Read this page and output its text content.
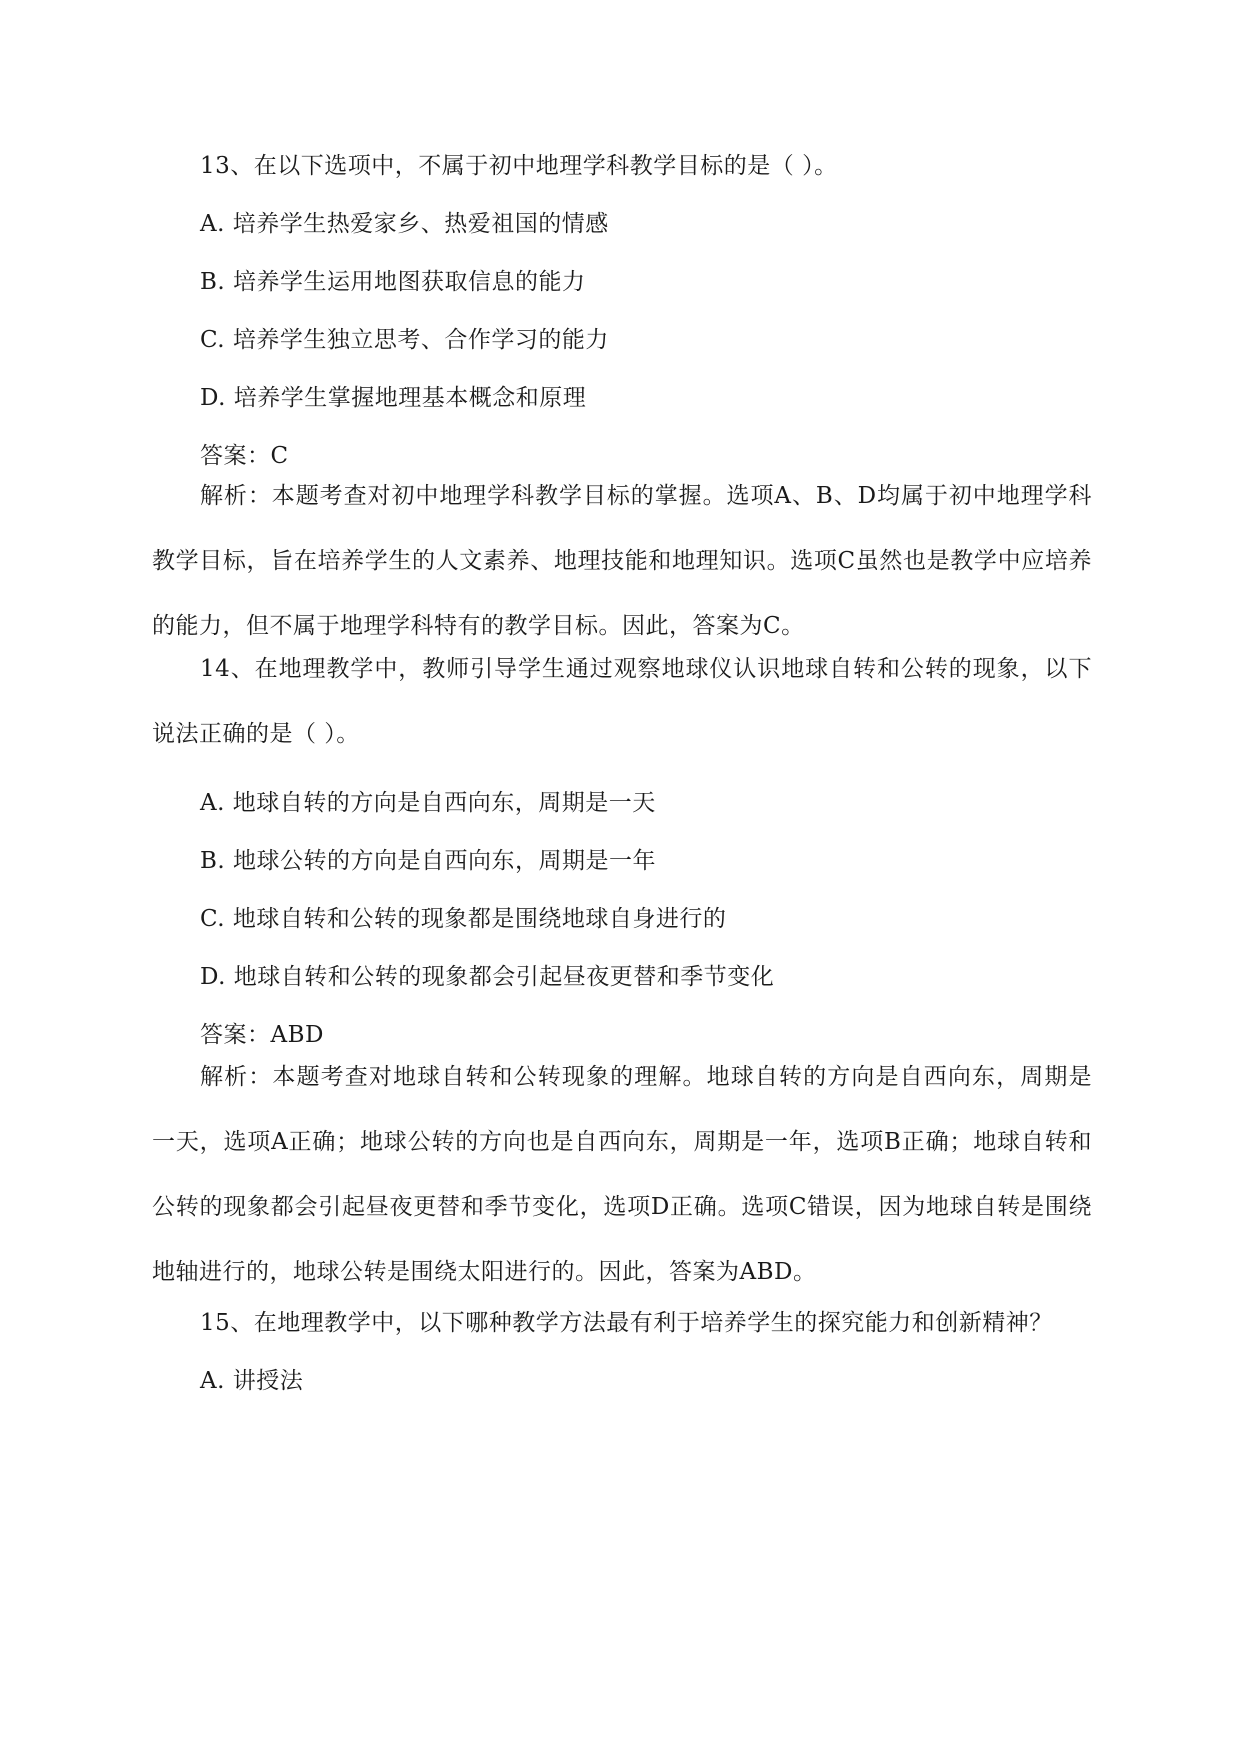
13、在以下选项中，不属于初中地理学科教学目标的是（ ）。
A. 培养学生热爱家乡、热爱祖国的情感
B. 培养学生运用地图获取信息的能力
C. 培养学生独立思考、合作学习的能力
D. 培养学生掌握地理基本概念和原理
答案：C
解析：本题考查对初中地理学科教学目标的掌握。选项A、B、D均属于初中地理学科教学目标，旨在培养学生的人文素养、地理技能和地理知识。选项C虽然也是教学中应培养的能力，但不属于地理学科特有的教学目标。因此，答案为C。
14、在地理教学中，教师引导学生通过观察地球仪认识地球自转和公转的现象，以下说法正确的是（ ）。
A. 地球自转的方向是自西向东，周期是一天
B. 地球公转的方向是自西向东，周期是一年
C. 地球自转和公转的现象都是围绕地球自身进行的
D. 地球自转和公转的现象都会引起昼夜更替和季节变化
答案：ABD
解析：本题考查对地球自转和公转现象的理解。地球自转的方向是自西向东，周期是一天，选项A正确；地球公转的方向也是自西向东，周期是一年，选项B正确；地球自转和公转的现象都会引起昼夜更替和季节变化，选项D正确。选项C错误，因为地球自转是围绕地轴进行的，地球公转是围绕太阳进行的。因此，答案为ABD。
15、在地理教学中，以下哪种教学方法最有利于培养学生的探究能力和创新精神？
A. 讲授法
